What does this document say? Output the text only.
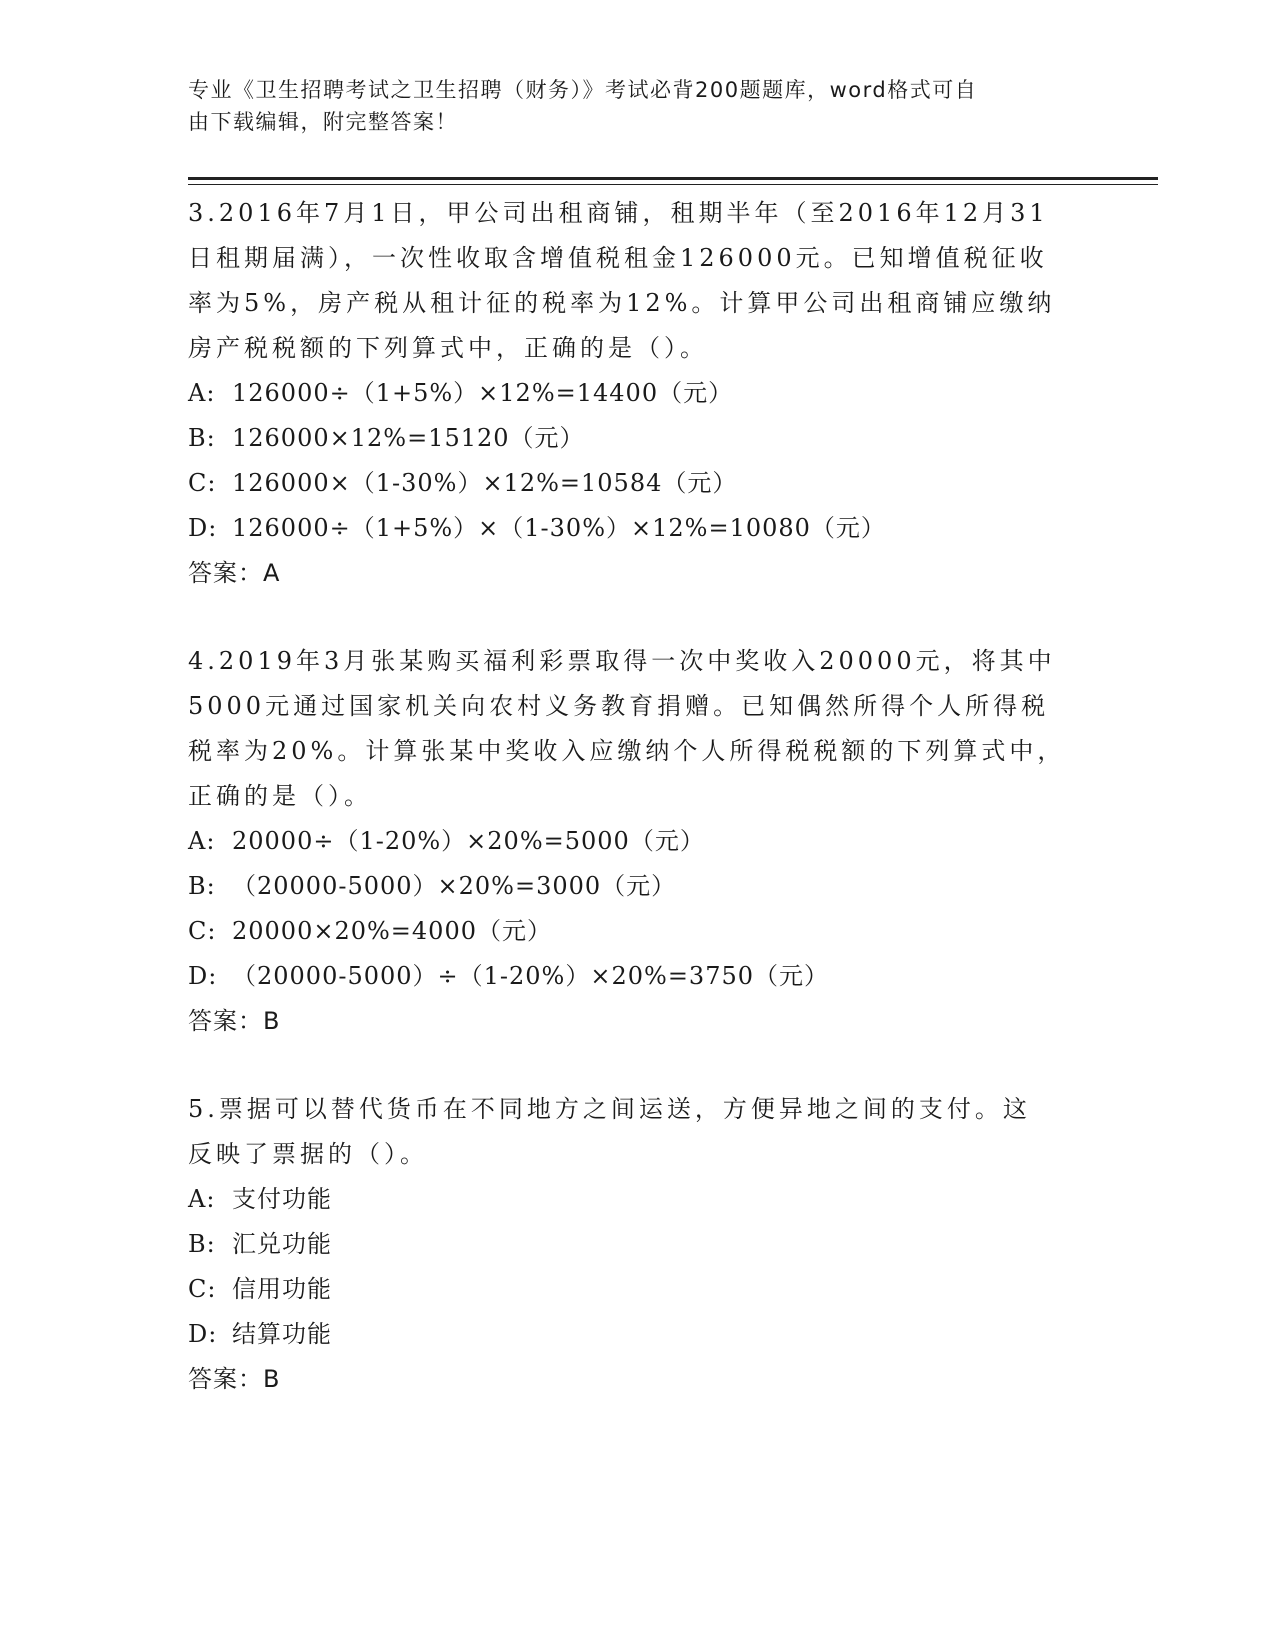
专业《卫生招聘考试之卫生招聘（财务）》考试必背200题题库，word格式可自
由下载编辑，附完整答案！

3.2016年7月1日，甲公司出租商铺，租期半年（至2016年12月31

日租期届满），一次性收取含增值税租金126000元。已知增值税征收

率为5%，房产税从租计征的税率为12%。计算甲公司出租商铺应缴纳

房产税税额的下列算式中，正确的是（）。

A: 126000÷（1+5%）×12%=14400（元）

B: 126000×12%=15120（元）

C: 126000×（1-30%）×12%=10584（元）

D: 126000÷（1+5%）×（1-30%）×12%=10080（元）

答案：A

4.2019年3月张某购买福利彩票取得一次中奖收入20000元，将其中

5000元通过国家机关向农村义务教育捐赠。已知偶然所得个人所得税

税率为20%。计算张某中奖收入应缴纳个人所得税税额的下列算式中，

正确的是（）。

A: 20000÷（1-20%）×20%=5000（元）

B: （20000-5000）×20%=3000（元）

C: 20000×20%=4000（元）

D: （20000-5000）÷（1-20%）×20%=3750（元）

答案：B

5.票据可以替代货币在不同地方之间运送，方便异地之间的支付。这

反映了票据的（）。

A: 支付功能

B: 汇兑功能

C: 信用功能

D: 结算功能

答案：B
